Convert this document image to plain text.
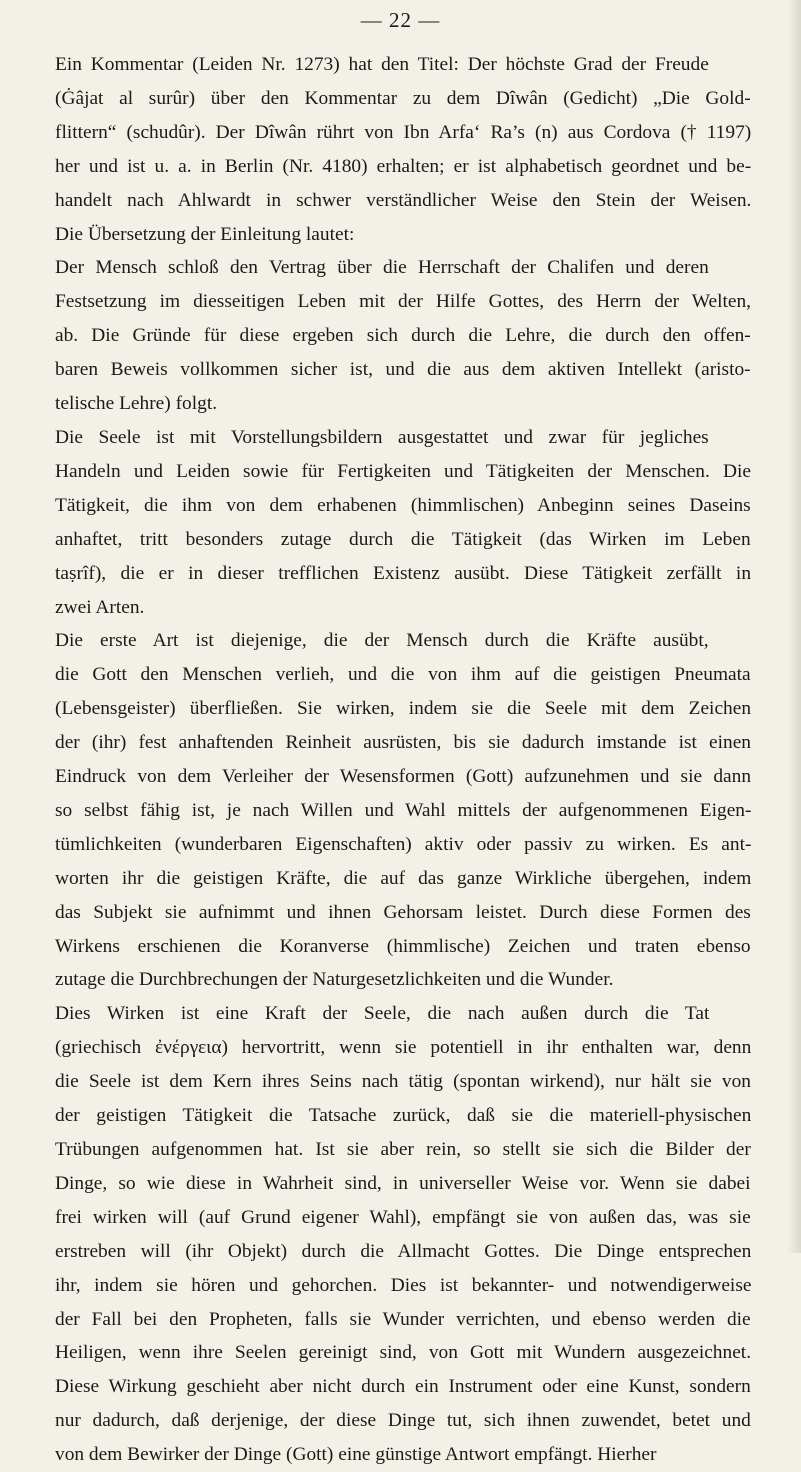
— 22 —

Ein Kommentar (Leiden Nr. 1273) hat den Titel: Der höchste Grad der Freude
(Ġâjat al surûr) über den Kommentar zu dem Dîwân (Gedicht) „Die Gold-
flittern“ (schudûr). Der Dîwân rührt von Ibn Arfa‘ Ra’s (n) aus Cordova († 1197)
her und ist u. a. in Berlin (Nr. 4180) erhalten; er ist alphabetisch geordnet und be-
handelt nach Ahlwardt in schwer verständlicher Weise den Stein der Weisen.
Die Übersetzung der Einleitung lautet:

Der Mensch schloß den Vertrag über die Herrschaft der Chalifen und deren
Festsetzung im diesseitigen Leben mit der Hilfe Gottes, des Herrn der Welten,
ab. Die Gründe für diese ergeben sich durch die Lehre, die durch den offen-
baren Beweis vollkommen sicher ist, und die aus dem aktiven Intellekt (aristo-
telische Lehre) folgt.

Die Seele ist mit Vorstellungsbildern ausgestattet und zwar für jegliches
Handeln und Leiden sowie für Fertigkeiten und Tätigkeiten der Menschen. Die
Tätigkeit, die ihm von dem erhabenen (himmlischen) Anbeginn seines Daseins
anhaftet, tritt besonders zutage durch die Tätigkeit (das Wirken im Leben
taṣrîf), die er in dieser trefflichen Existenz ausübt. Diese Tätigkeit zerfällt in
zwei Arten.

Die erste Art ist diejenige, die der Mensch durch die Kräfte ausübt,
die Gott den Menschen verlieh, und die von ihm auf die geistigen Pneumata
(Lebensgeister) überfließen. Sie wirken, indem sie die Seele mit dem Zeichen
der (ihr) fest anhaftenden Reinheit ausrüsten, bis sie dadurch imstande ist einen
Eindruck von dem Verleiher der Wesensformen (Gott) aufzunehmen und sie dann
so selbst fähig ist, je nach Willen und Wahl mittels der aufgenommenen Eigen-
tümlichkeiten (wunderbaren Eigenschaften) aktiv oder passiv zu wirken. Es ant-
worten ihr die geistigen Kräfte, die auf das ganze Wirkliche übergehen, indem
das Subjekt sie aufnimmt und ihnen Gehorsam leistet. Durch diese Formen des
Wirkens erschienen die Koranverse (himmlische) Zeichen und traten ebenso
zutage die Durchbrechungen der Naturgesetzlichkeiten und die Wunder.

Dies Wirken ist eine Kraft der Seele, die nach außen durch die Tat
(griechisch ἐνέργεια) hervortritt, wenn sie potentiell in ihr enthalten war, denn
die Seele ist dem Kern ihres Seins nach tätig (spontan wirkend), nur hält sie von
der geistigen Tätigkeit die Tatsache zurück, daß sie die materiell-physischen
Trübungen aufgenommen hat. Ist sie aber rein, so stellt sie sich die Bilder der
Dinge, so wie diese in Wahrheit sind, in universeller Weise vor. Wenn sie dabei
frei wirken will (auf Grund eigener Wahl), empfängt sie von außen das, was sie
erstreben will (ihr Objekt) durch die Allmacht Gottes. Die Dinge entsprechen
ihr, indem sie hören und gehorchen. Dies ist bekannter- und notwendigerweise
der Fall bei den Propheten, falls sie Wunder verrichten, und ebenso werden die
Heiligen, wenn ihre Seelen gereinigt sind, von Gott mit Wundern ausgezeichnet.
Diese Wirkung geschieht aber nicht durch ein Instrument oder eine Kunst, sondern
nur dadurch, daß derjenige, der diese Dinge tut, sich ihnen zuwendet, betet und
von dem Bewirker der Dinge (Gott) eine günstige Antwort empfängt. Hierher
